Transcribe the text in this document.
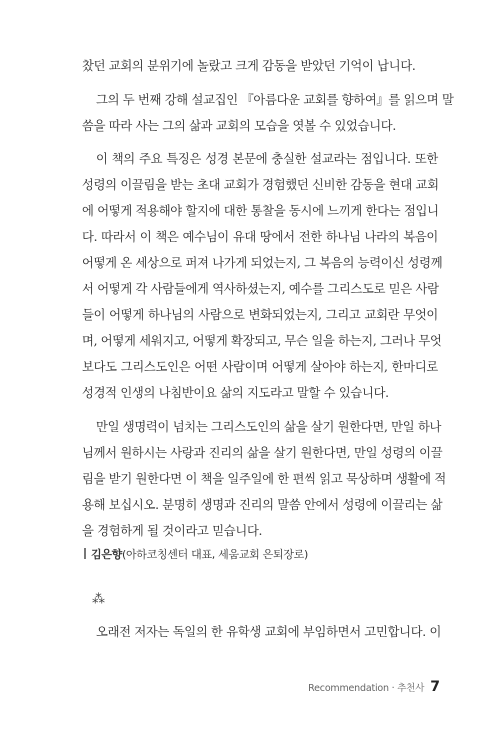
찼던 교회의 분위기에 놀랐고 크게 감동을 받았던 기억이 납니다.
그의 두 번째 강해 설교집인 『아름다운 교회를 향하여』를 읽으며 말
씀을 따라 사는 그의 삶과 교회의 모습을 엿볼 수 있었습니다.
이 책의 주요 특징은 성경 본문에 충실한 설교라는 점입니다. 또한
성령의 이끌림을 받는 초대 교회가 경험했던 신비한 감동을 현대 교회
에 어떻게 적용해야 할지에 대한 통찰을 동시에 느끼게 한다는 점입니
다. 따라서 이 책은 예수님이 유대 땅에서 전한 하나님 나라의 복음이
어떻게 온 세상으로 퍼져 나가게 되었는지, 그 복음의 능력이신 성령께
서 어떻게 각 사람들에게 역사하셨는지, 예수를 그리스도로 믿은 사람
들이 어떻게 하나님의 사람으로 변화되었는지, 그리고 교회란 무엇이
며, 어떻게 세워지고, 어떻게 확장되고, 무슨 일을 하는지, 그러나 무엇
보다도 그리스도인은 어떤 사람이며 어떻게 살아야 하는지, 한마디로
성경적 인생의 나침반이요 삶의 지도라고 말할 수 있습니다.
만일 생명력이 넘치는 그리스도인의 삶을 살기 원한다면, 만일 하나
님께서 원하시는 사랑과 진리의 삶을 살기 원한다면, 만일 성령의 이끌
림을 받기 원한다면 이 책을 일주일에 한 편씩 읽고 묵상하며 생활에 적
용해 보십시오. 분명히 생명과 진리의 말씀 안에서 성령에 이끌리는 삶
을 경험하게 될 것이라고 믿습니다.
김은향(아하코칭센터 대표, 세움교회 은퇴장로)
⁂
오래전 저자는 독일의 한 유학생 교회에 부임하면서 고민합니다. 이
Recommendation · 추천사 7
